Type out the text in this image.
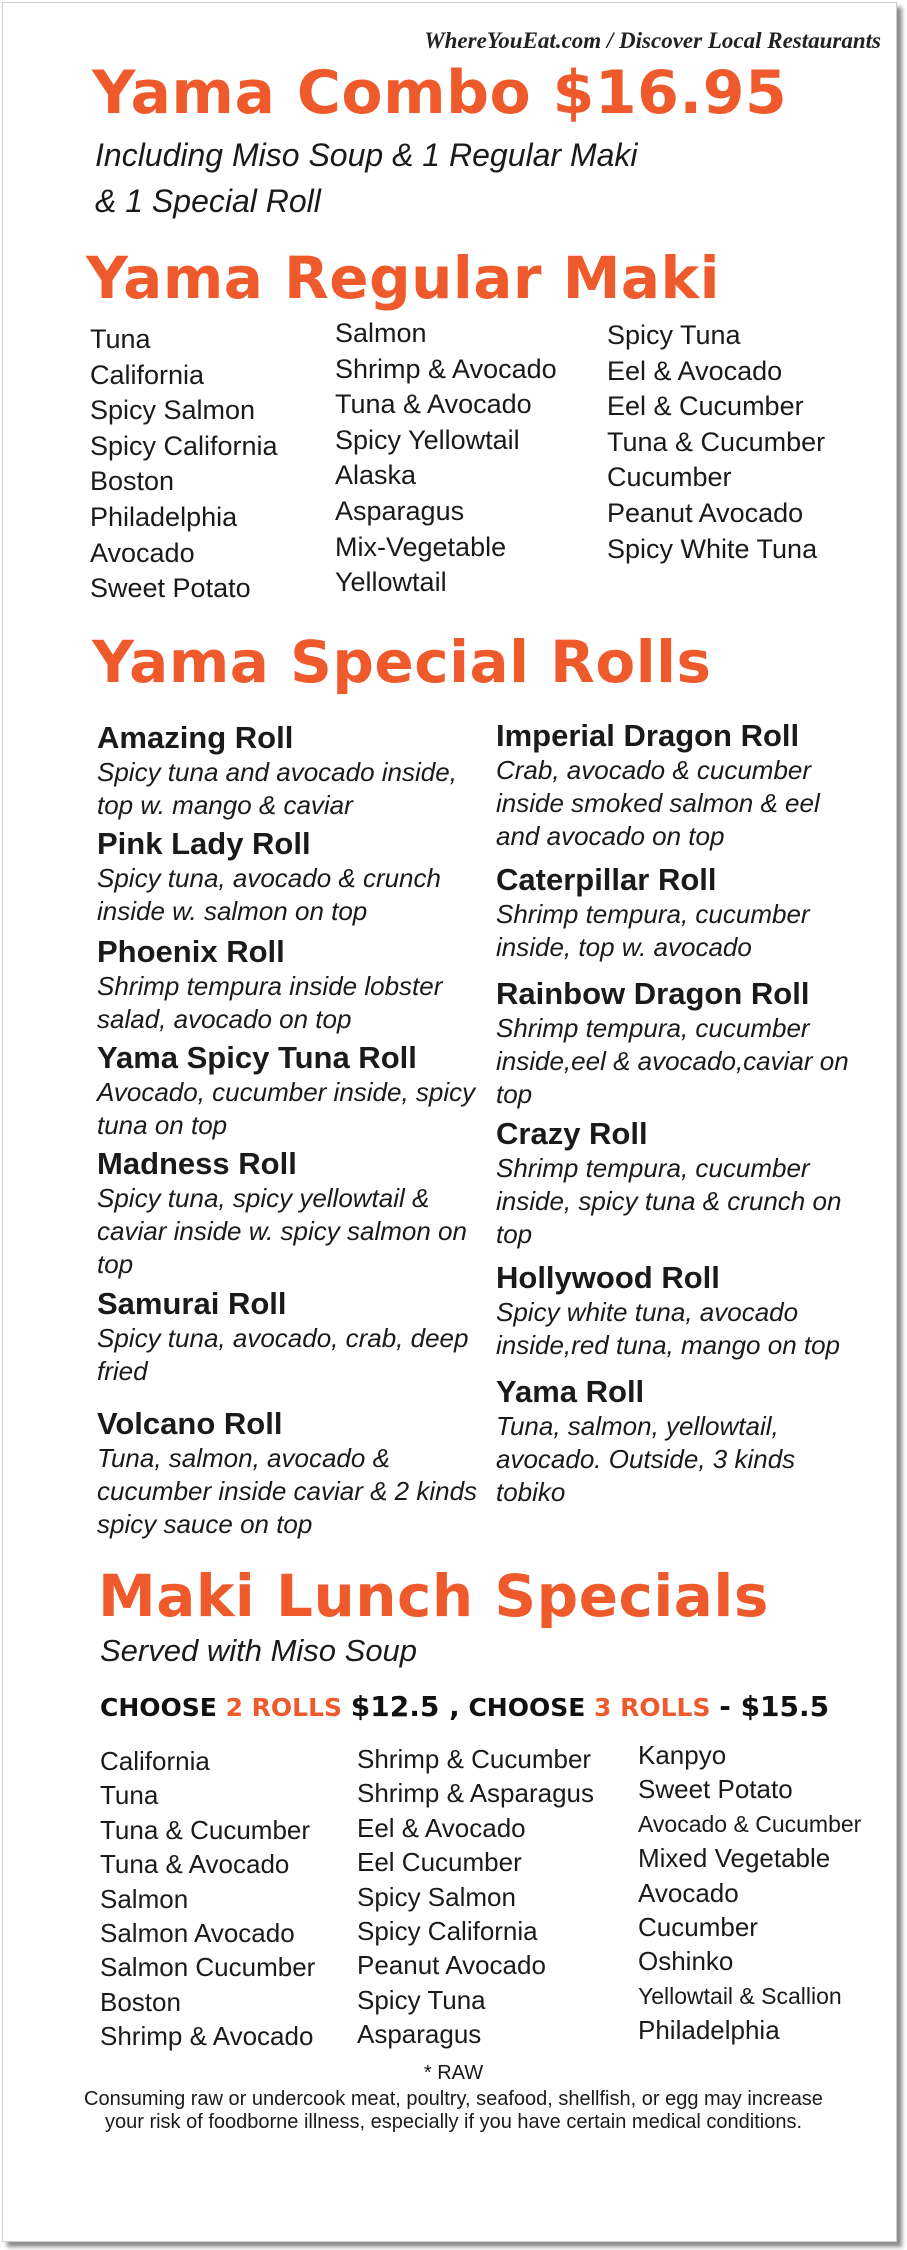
WhereYouEat.com / Discover Local Restaurants
Yama Combo $16.95
Including Miso Soup & 1 Regular Maki
& 1 Special Roll
Yama Regular Maki
Tuna
California
Spicy Salmon
Spicy California
Boston
Philadelphia
Avocado
Sweet Potato
Salmon
Shrimp & Avocado
Tuna & Avocado
Spicy Yellowtail
Alaska
Asparagus
Mix-Vegetable
Yellowtail
Spicy Tuna
Eel & Avocado
Eel & Cucumber
Tuna & Cucumber
Cucumber
Peanut Avocado
Spicy White Tuna
Yama Special Rolls
Amazing Roll
Spicy tuna and avocado inside, top w. mango & caviar
Pink Lady Roll
Spicy tuna, avocado & crunch inside w. salmon on top
Phoenix Roll
Shrimp tempura inside lobster salad, avocado on top
Yama Spicy Tuna Roll
Avocado, cucumber inside, spicy tuna on top
Madness Roll
Spicy tuna, spicy yellowtail & caviar inside w. spicy salmon on top
Samurai Roll
Spicy tuna, avocado, crab, deep fried
Volcano Roll
Tuna, salmon, avocado & cucumber inside caviar & 2 kinds spicy sauce on top
Imperial Dragon Roll
Crab, avocado & cucumber inside smoked salmon & eel and avocado on top
Caterpillar Roll
Shrimp tempura, cucumber inside, top w. avocado
Rainbow Dragon Roll
Shrimp tempura, cucumber inside,eel & avocado,caviar on top
Crazy Roll
Shrimp tempura, cucumber inside, spicy tuna & crunch on top
Hollywood Roll
Spicy white tuna, avocado inside,red tuna, mango on top
Yama Roll
Tuna, salmon, yellowtail, avocado. Outside, 3 kinds tobiko
Maki Lunch Specials
Served with Miso Soup
CHOOSE 2 ROLLS $12.5 , CHOOSE 3 ROLLS - $15.5
California
Tuna
Tuna & Cucumber
Tuna & Avocado
Salmon
Salmon Avocado
Salmon Cucumber
Boston
Shrimp & Avocado
Shrimp & Cucumber
Shrimp & Asparagus
Eel & Avocado
Eel Cucumber
Spicy Salmon
Spicy California
Peanut Avocado
Spicy Tuna
Asparagus
Kanpyo
Sweet Potato
Avocado & Cucumber
Mixed Vegetable
Avocado
Cucumber
Oshinko
Yellowtail & Scallion
Philadelphia
* RAW
Consuming raw or undercook meat, poultry, seafood, shellfish, or egg may increase
your risk of foodborne illness, especially if you have certain medical conditions.
